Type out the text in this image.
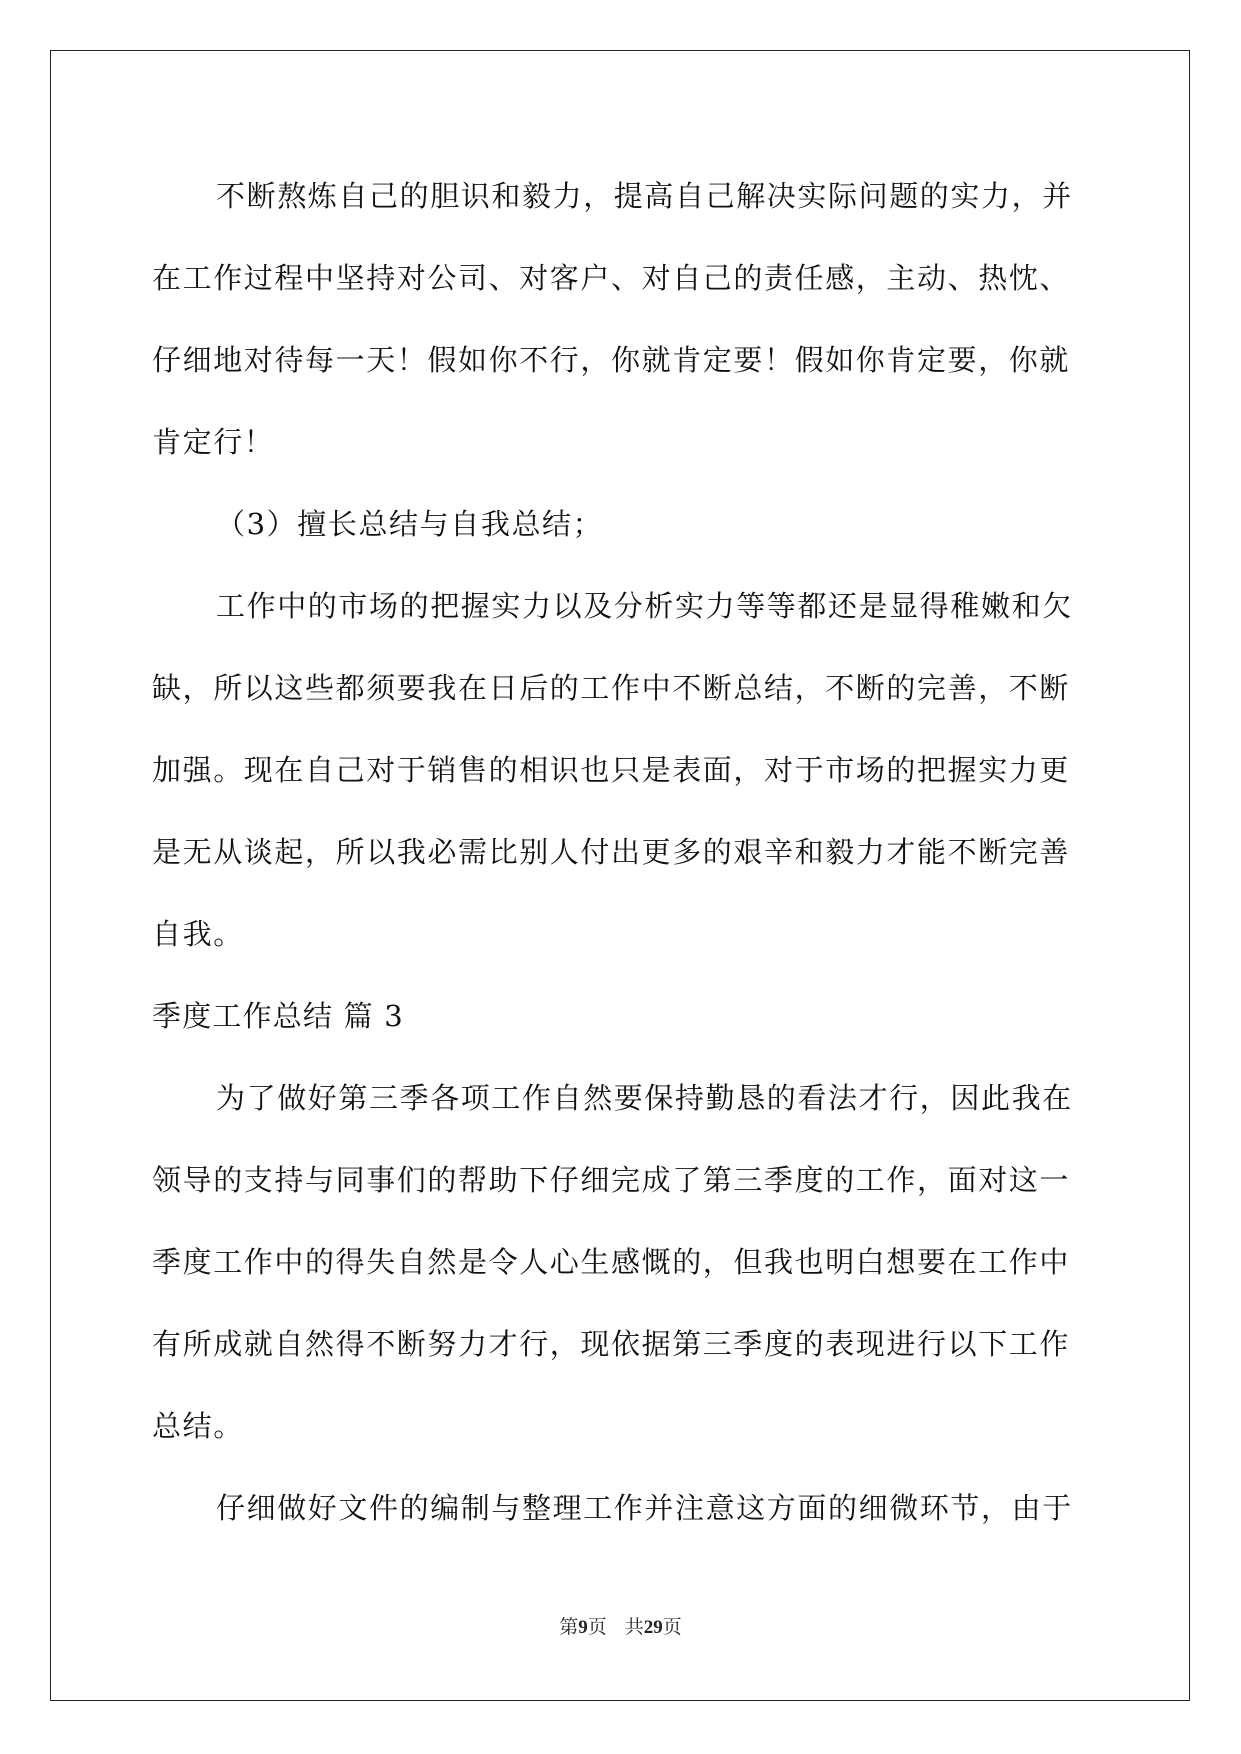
不断熬炼自己的胆识和毅力，提高自己解决实际问题的实力，并
在工作过程中坚持对公司、对客户、对自己的责任感，主动、热忱、
仔细地对待每一天！假如你不行，你就肯定要！假如你肯定要，你就
肯定行！
（3）擅长总结与自我总结；
工作中的市场的把握实力以及分析实力等等都还是显得稚嫩和欠
缺，所以这些都须要我在日后的工作中不断总结，不断的完善，不断
加强。现在自己对于销售的相识也只是表面，对于市场的把握实力更
是无从谈起，所以我必需比别人付出更多的艰辛和毅力才能不断完善
自我。
季度工作总结 篇 3
为了做好第三季各项工作自然要保持勤恳的看法才行，因此我在
领导的支持与同事们的帮助下仔细完成了第三季度的工作，面对这一
季度工作中的得失自然是令人心生感慨的，但我也明白想要在工作中
有所成就自然得不断努力才行，现依据第三季度的表现进行以下工作
总结。
仔细做好文件的编制与整理工作并注意这方面的细微环节，由于
第9页 共29页
